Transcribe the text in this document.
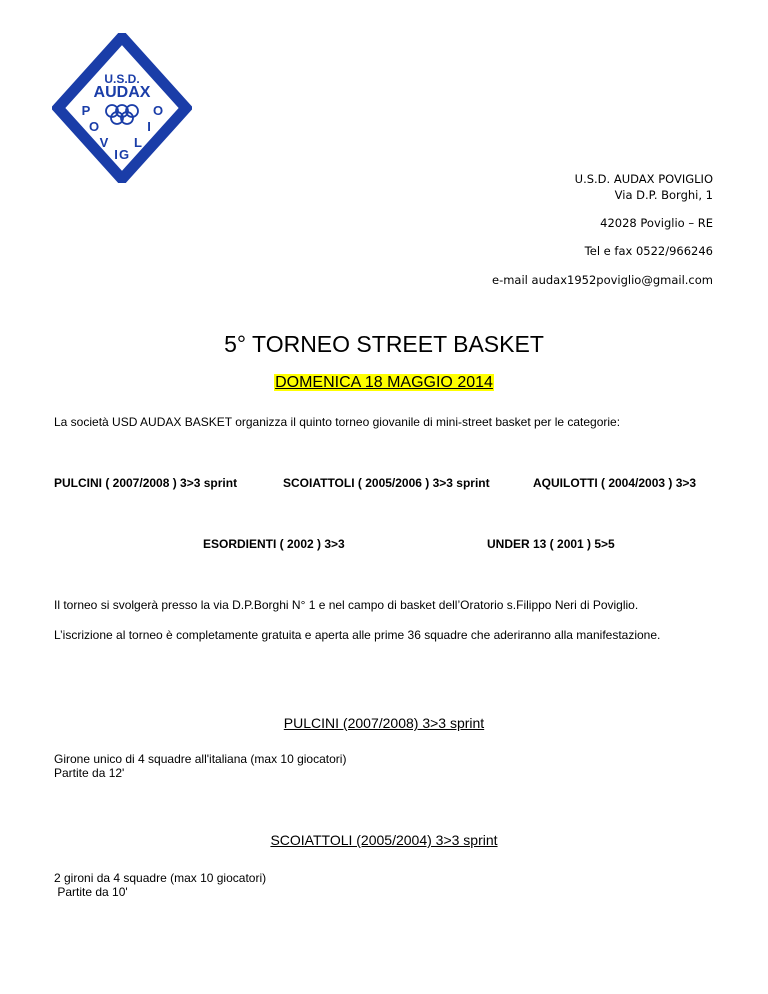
U.S.D.
AUDAX
P
O
V
I G
L
I
O
U.S.D. AUDAX POVIGLIO
Via D.P. Borghi, 1
42028 Poviglio – RE
Tel e fax 0522/966246
e-mail audax1952poviglio@gmail.com
5° TORNEO STREET BASKET
DOMENICA 18 MAGGIO 2014
La società USD AUDAX BASKET organizza il quinto torneo giovanile di mini-street basket per le categorie:
PULCINI ( 2007/2008 ) 3>3 sprint	SCOIATTOLI ( 2005/2006 ) 3>3 sprint	AQUILOTTI ( 2004/2003 ) 3>3
ESORDIENTI ( 2002 ) 3>3	UNDER 13 ( 2001 ) 5>5
Il torneo si svolgerà presso la via D.P.Borghi N° 1 e nel campo di basket dell’Oratorio s.Filippo Neri di Poviglio.
L’iscrizione al torneo è completamente gratuita e aperta alle prime 36 squadre che aderiranno alla manifestazione.
PULCINI (2007/2008) 3>3 sprint
Girone unico di 4 squadre all'italiana (max 10 giocatori)
Partite da 12'
SCOIATTOLI (2005/2004) 3>3 sprint
2 gironi da 4 squadre (max 10 giocatori)
Partite da 10'
